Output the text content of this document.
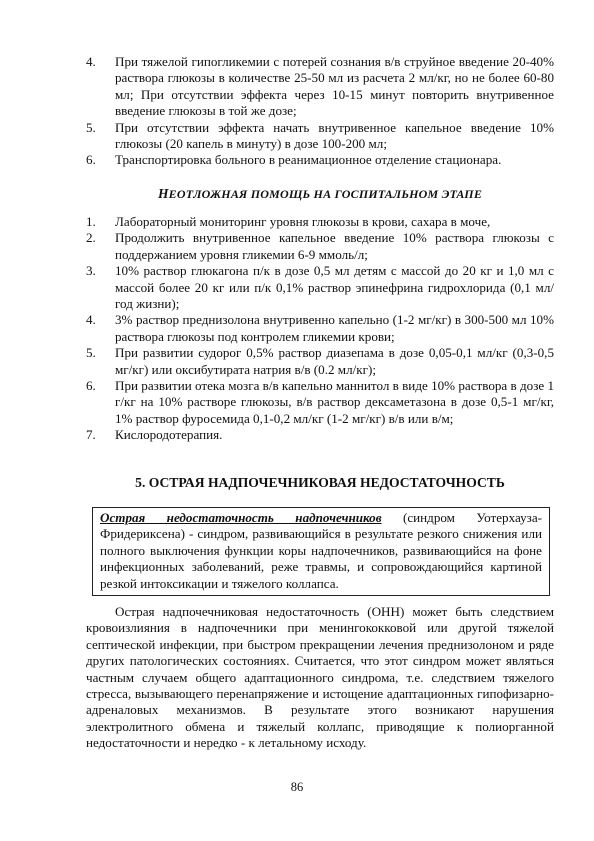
4. При тяжелой гипогликемии с потерей сознания в/в струйное введение 20-40% раствора глюкозы в количестве 25-50 мл из расчета 2 мл/кг, но не более 60-80 мл; При отсутствии эффекта через 10-15 минут повторить внутривенное введение глюкозы в той же дозе;
5. При отсутствии эффекта начать внутривенное капельное введение 10% глюкозы (20 капель в минуту) в дозе 100-200 мл;
6. Транспортировка больного в реанимационное отделение стационара.
НЕОТЛОЖНАЯ ПОМОЩЬ НА ГОСПИТАЛЬНОМ ЭТАПЕ
1. Лабораторный мониторинг уровня глюкозы в крови, сахара в моче,
2. Продолжить внутривенное капельное введение 10% раствора глюкозы с поддержанием уровня гликемии 6-9 ммоль/л;
3. 10% раствор глюкагона п/к в дозе 0,5 мл детям с массой до 20 кг и 1,0 мл с массой более 20 кг или п/к 0,1% раствор эпинефрина гидрохлорида (0,1 мл/год жизни);
4. 3% раствор преднизолона внутривенно капельно (1-2 мг/кг) в 300-500 мл 10% раствора глюкозы под контролем гликемии крови;
5. При развитии судорог 0,5% раствор диазепама в дозе 0,05-0,1 мл/кг (0,3-0,5 мг/кг) или оксибутирата натрия в/в (0.2 мл/кг);
6. При развитии отека мозга в/в капельно маннитол в виде 10% раствора в дозе 1 г/кг на 10% растворе глюкозы, в/в раствор дексаметазона в дозе 0,5-1 мг/кг, 1% раствор фуросемида 0,1-0,2 мл/кг (1-2 мг/кг) в/в или в/м;
7. Кислородотерапия.
5. ОСТРАЯ НАДПОЧЕЧНИКОВАЯ НЕДОСТАТОЧНОСТЬ
Острая недостаточность надпочечников (синдром Уотерхауза-Фридериксена) - синдром, развивающийся в результате резкого снижения или полного выключения функции коры надпочечников, развивающийся на фоне инфекционных заболеваний, реже травмы, и сопровождающийся картиной резкой интоксикации и тяжелого коллапса.

Острая надпочечниковая недостаточность (ОНН) может быть следствием кровоизлияния в надпочечники при менингококковой или другой тяжелой септической инфекции, при быстром прекращении лечения преднизолоном и ряде других патологических состояниях. Считается, что этот синдром может являться частным случаем общего адаптационного синдрома, т.е. следствием тяжелого стресса, вызывающего перенапряжение и истощение адаптационных гипофизарно-адреналовых механизмов. В результате этого возникают нарушения электролитного обмена и тяжелый коллапс, приводящие к полиорганной недостаточности и нередко - к летальному исходу.

86
